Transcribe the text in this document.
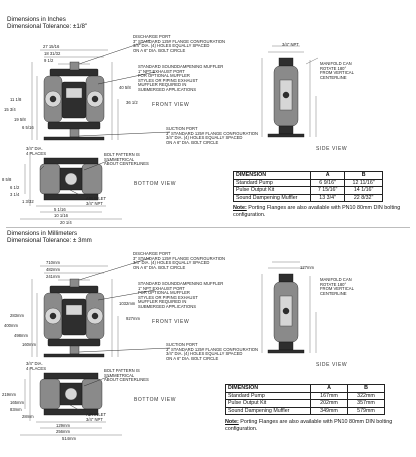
Dimensions in Inches
Dimensional Tolerance: ±1/8"
27 15/16
18 31/32
9 1/2
40 5/8
36 1/2
19 5/8
15 3/4
11 1/8
6 5/16
8 5/8
6 1/2
3 1/4
1 3/32
5 1/16
10 1/16
20 1/4
3/4" NPT
DISCHARGE PORT
3" STANDARD 125# FLANGE CONFIGURATION
3/4" DIA. (4) HOLES EQUALLY SPACED
ON A 6" DIA. BOLT CIRCLE
STANDARD SOUNDDAMPENING MUFFLER
1" NPT EXHAUST PORT
FOR OPTIONAL MUFFLER
STYLES OR PIPING EXHAUST
MUFFLER REQUIRED IN
SUBMERGED APPLICATIONS
MANIFOLD CAN
ROTATE 180°
FROM VERTICAL
CENTERLINE
SUCTION PORT
3" STANDARD 125# FLANGE CONFIGURATION
3/4" DIA. (4) HOLES EQUALLY SPACED
ON A 6" DIA. BOLT CIRCLE
BOLT PATTERN IS
SYMMETRICAL
ABOUT CENTERLINES
AIR INLET
3/4" NPT
3/4" DIA.
4 PLACES
FRONT VIEW
SIDE VIEW
BOTTOM VIEW
DIMENSION	A	B
Standard Pump	6 9/16"	12 11/16"
Pulse Output Kit	7 15/16"	14 1/16"
Sound Dampening Muffler	13 3/4"	22 8/32"
Note: Porting Flanges are also available with PN10 80mm DIN bolting configuration.
Dimensions in Millimeters
Dimensional Tolerance: ± 3mm
710mm
482mm
241mm
1032mm
927mm
498mm
400mm
283mm
160mm
219mm
165mm
83mm
28mm
129mm
256mm
514mm
127mm
DISCHARGE PORT
3" STANDARD 125# FLANGE CONFIGURATION
3/4" DIA. (4) HOLES EQUALLY SPACED
ON A 6" DIA. BOLT CIRCLE
STANDARD SOUNDDAMPENING MUFFLER
1" NPT EXHAUST PORT
FOR OPTIONAL MUFFLER
STYLES OR PIPING EXHAUST
MUFFLER REQUIRED IN
SUBMERGED APPLICATIONS
MANIFOLD CAN
ROTATE 180°
FROM VERTICAL
CENTERLINE
SUCTION PORT
3" STANDARD 125# FLANGE CONFIGURATION
3/4" DIA. (4) HOLES EQUALLY SPACED
ON A 6" DIA. BOLT CIRCLE
BOLT PATTERN IS
SYMMETRICAL
ABOUT CENTERLINES
AIR INLET
3/4" NPT
3/4" DIA.
4 PLACES
FRONT VIEW
SIDE VIEW
BOTTOM VIEW
DIMENSION	A	B
Standard Pump	167mm	322mm
Pulse Output Kit	202mm	357mm
Sound Dampening Muffler	349mm	579mm
Note: Porting Flanges are also available with PN10 80mm DIN bolting configuration.
